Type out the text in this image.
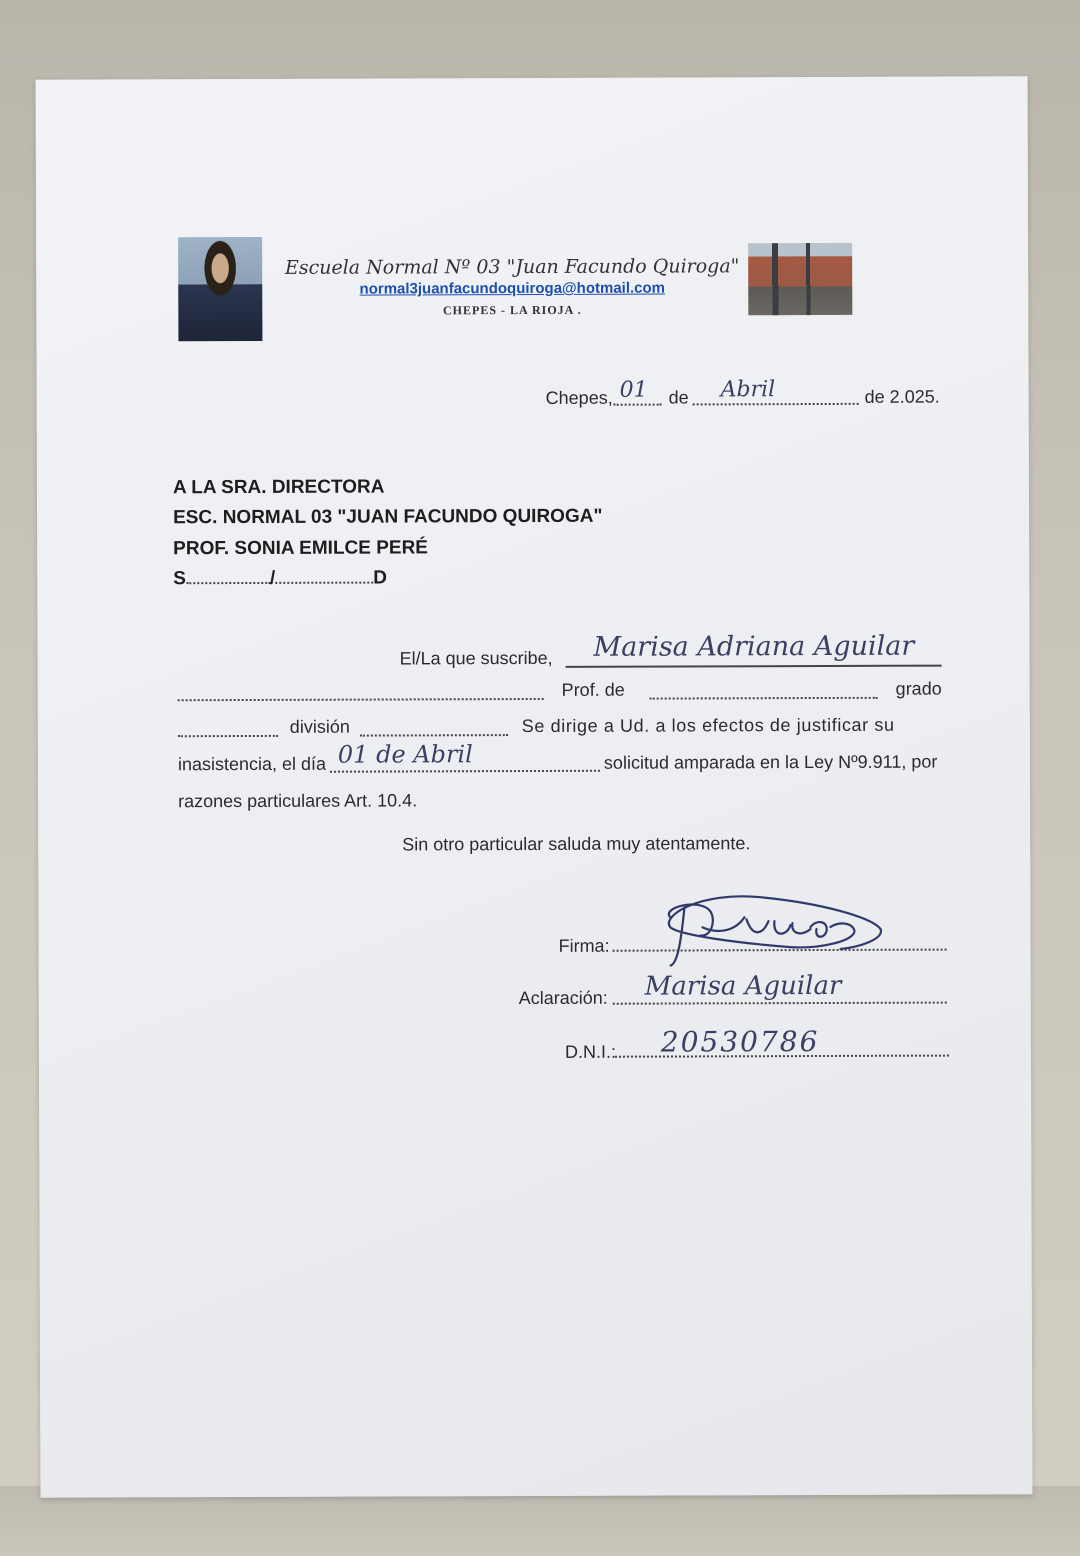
Escuela Normal Nº 03 "Juan Facundo Quiroga"
normal3juanfacundoquiroga@hotmail.com
CHEPES - LA RIOJA .
Chepes, 01 de Abril	de 2.025.
A LA SRA. DIRECTORA
ESC. NORMAL 03 "JUAN FACUNDO QUIROGA"
PROF. SONIA EMILCE PERÉ
S	/	D
El/La que suscribe, Marisa Adriana Aguilar
Prof. de	grado
división	Se dirige a Ud. a los efectos de justificar su
inasistencia, el día 01 de Abril	solicitud amparada en la Ley Nº9.911, por
razones particulares Art. 10.4.
Sin otro particular saluda muy atentamente.
Firma:
Aclaración: Marisa Aguilar
D.N.I.: 20530786
